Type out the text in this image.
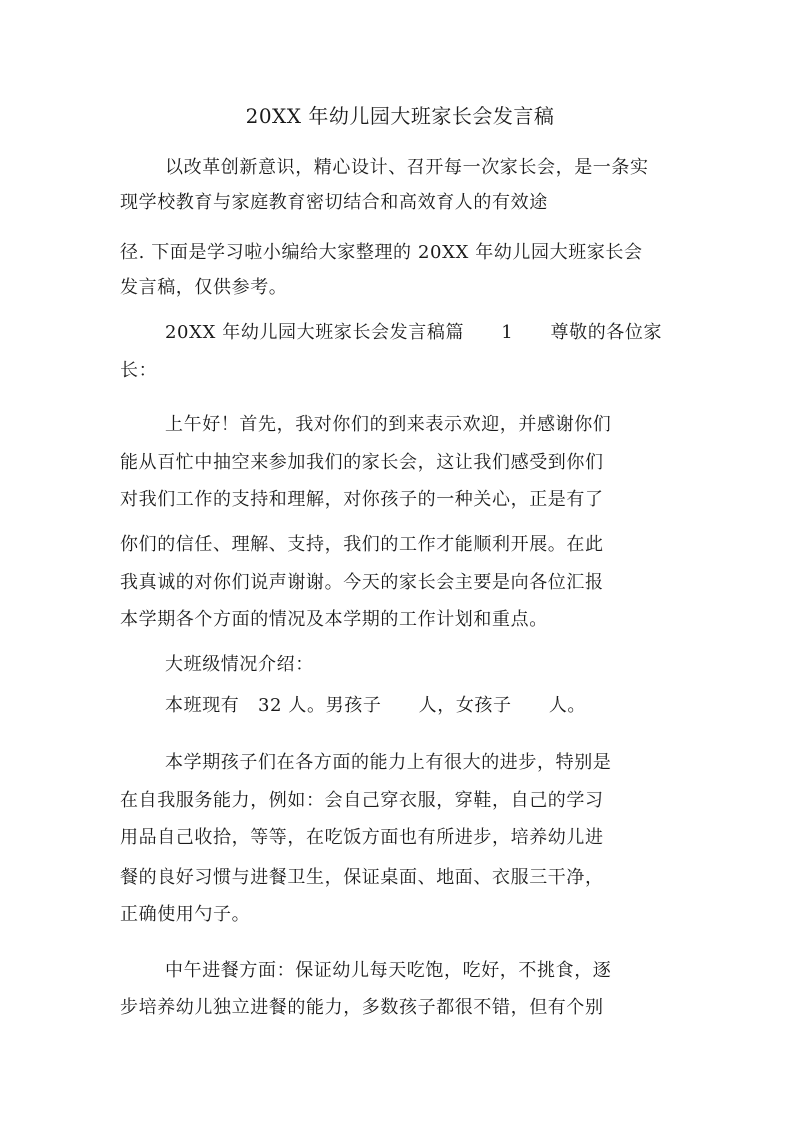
20XX 年幼儿园大班家长会发言稿
以改革创新意识，精心设计、召开每一次家长会，是一条实
现学校教育与家庭教育密切结合和高效育人的有效途
径. 下面是学习啦小编给大家整理的 20XX 年幼儿园大班家长会
发言稿，仅供参考。
20XX 年幼儿园大班家长会发言稿篇　　1　　尊敬的各位家
长：
上午好！首先，我对你们的到来表示欢迎，并感谢你们
能从百忙中抽空来参加我们的家长会，这让我们感受到你们
对我们工作的支持和理解，对你孩子的一种关心，正是有了
你们的信任、理解、支持，我们的工作才能顺利开展。在此
我真诚的对你们说声谢谢。今天的家长会主要是向各位汇报
本学期各个方面的情况及本学期的工作计划和重点。
大班级情况介绍：
本班现有　32 人。男孩子　　人，女孩子　　人。
本学期孩子们在各方面的能力上有很大的进步，特别是
在自我服务能力，例如：会自己穿衣服，穿鞋，自己的学习
用品自己收拾，等等，在吃饭方面也有所进步，培养幼儿进
餐的良好习惯与进餐卫生，保证桌面、地面、衣服三干净，
正确使用勺子。
中午进餐方面：保证幼儿每天吃饱，吃好，不挑食，逐
步培养幼儿独立进餐的能力，多数孩子都很不错，但有个别
